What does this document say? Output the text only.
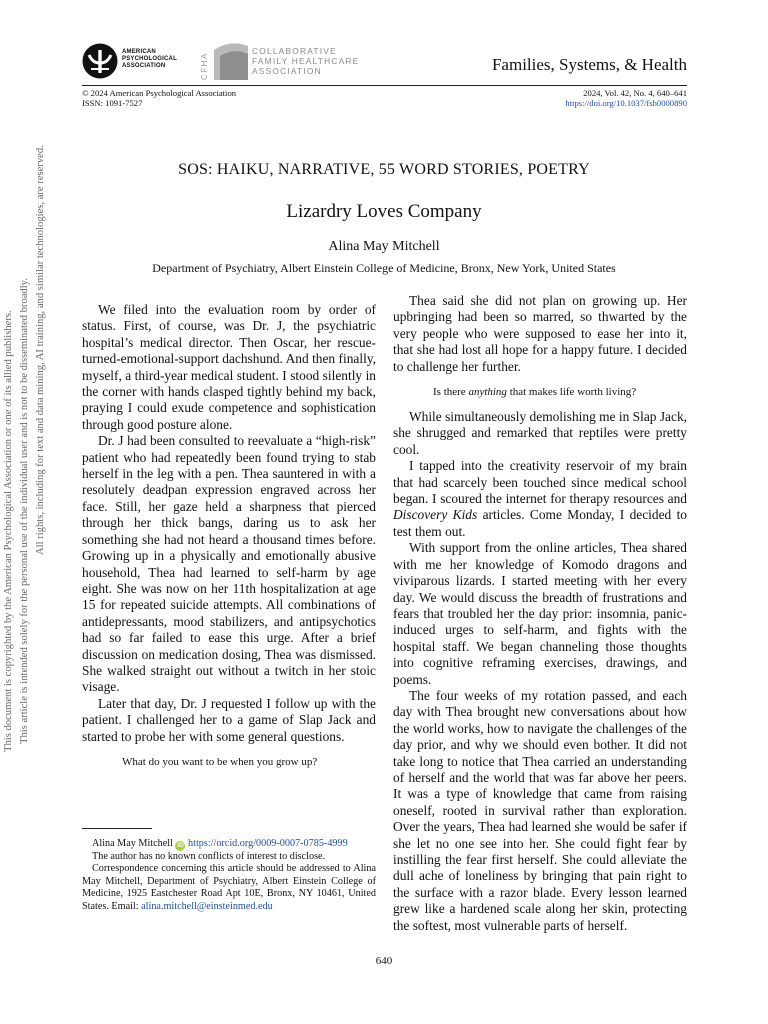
This document is copyrighted by the American Psychological Association or one of its allied publishers. This article is intended solely for the personal use of the individual user and is not to be disseminated broadly. All rights, including for text and data mining, AI training, and similar technologies, are reserved.
AMERICAN
PSYCHOLOGICAL
ASSOCIATION	CFHA
COLLABORATIVE
FAMILY HEALTHCARE
ASSOCIATION	Families, Systems, & Health
© 2024 American Psychological Association
ISSN: 1091-7527
2024, Vol. 42, No. 4, 640–641
https://doi.org/10.1037/fsh0000890
SOS: HAIKU, NARRATIVE, 55 WORD STORIES, POETRY
Lizardry Loves Company
Alina May Mitchell
Department of Psychiatry, Albert Einstein College of Medicine, Bronx, New York, United States

We filed into the evaluation room by order of status. First, of course, was Dr. J, the psychiatric hospital’s medical director. Then Oscar, her rescue-turned-emotional-support dachshund. And then finally, myself, a third-year medical student. I stood silently in the corner with hands clasped tightly behind my back, praying I could exude competence and sophistication through good posture alone.

Dr. J had been consulted to reevaluate a “high-risk” patient who had repeatedly been found trying to stab herself in the leg with a pen. Thea sauntered in with a resolutely deadpan expression engraved across her face. Still, her gaze held a sharpness that pierced through her thick bangs, daring us to ask her something she had not heard a thousand times before. Growing up in a physically and emotionally abusive household, Thea had learned to self-harm by age eight. She was now on her 11th hospitalization at age 15 for repeated suicide attempts. All combinations of antidepressants, mood stabilizers, and antipsychotics had so far failed to ease this urge. After a brief discussion on medication dosing, Thea was dismissed. She walked straight out without a twitch in her stoic visage.

Later that day, Dr. J requested I follow up with the patient. I challenged her to a game of Slap Jack and started to probe her with some general questions.

What do you want to be when you grow up?

Alina May Mitchell iD https://orcid.org/0009-0007-0785-4999

The author has no known conflicts of interest to disclose.

Correspondence concerning this article should be addressed to Alina May Mitchell, Department of Psychiatry, Albert Einstein College of Medicine, 1925 Eastchester Road Apt 10E, Bronx, NY 10461, United States. Email: alina.mitchell@einsteinmed.edu

Thea said she did not plan on growing up. Her upbringing had been so marred, so thwarted by the very people who were supposed to ease her into it, that she had lost all hope for a happy future. I decided to challenge her further.

Is there anything that makes life worth living?

While simultaneously demolishing me in Slap Jack, she shrugged and remarked that reptiles were pretty cool.

I tapped into the creativity reservoir of my brain that had scarcely been touched since medical school began. I scoured the internet for therapy resources and Discovery Kids articles. Come Monday, I decided to test them out.

With support from the online articles, Thea shared with me her knowledge of Komodo dragons and viviparous lizards. I started meeting with her every day. We would discuss the breadth of frustrations and fears that troubled her the day prior: insomnia, panic-induced urges to self-harm, and fights with the hospital staff. We began channeling those thoughts into cognitive reframing exercises, drawings, and poems.

The four weeks of my rotation passed, and each day with Thea brought new conversations about how the world works, how to navigate the challenges of the day prior, and why we should even bother. It did not take long to notice that Thea carried an understanding of herself and the world that was far above her peers. It was a type of knowledge that came from raising oneself, rooted in survival rather than exploration. Over the years, Thea had learned she would be safer if she let no one see into her. She could fight fear by instilling the fear first herself. She could alleviate the dull ache of loneliness by bringing that pain right to the surface with a razor blade. Every lesson learned grew like a hardened scale along her skin, protecting the softest, most vulnerable parts of herself.

640
